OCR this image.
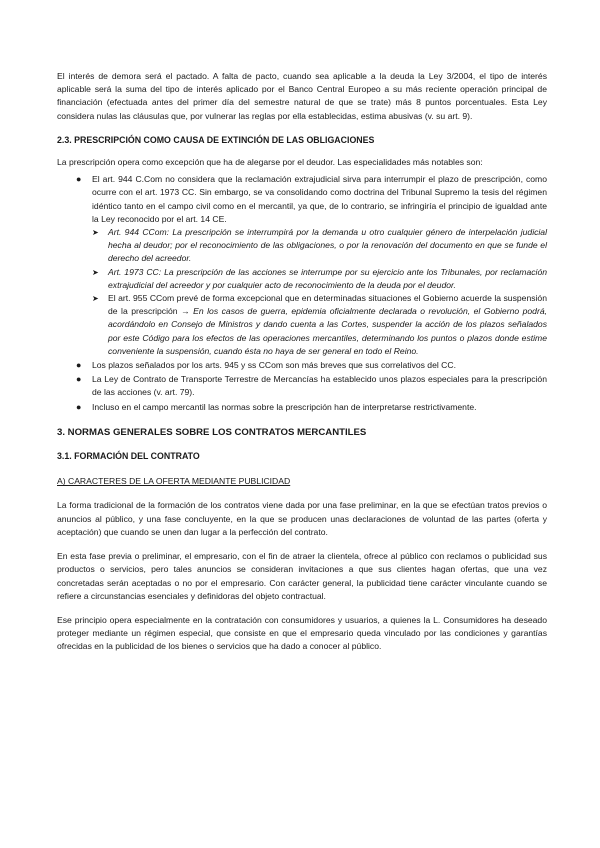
El interés de demora será el pactado. A falta de pacto, cuando sea aplicable a la deuda la Ley 3/2004, el tipo de interés aplicable será la suma del tipo de interés aplicado por el Banco Central Europeo a su más reciente operación principal de financiación (efectuada antes del primer día del semestre natural de que se trate) más 8 puntos porcentuales. Esta Ley considera nulas las cláusulas que, por vulnerar las reglas por ella establecidas, estima abusivas (v. su art. 9).

2.3. PRESCRIPCIÓN COMO CAUSA DE EXTINCIÓN DE LAS OBLIGACIONES

La prescripción opera como excepción que ha de alegarse por el deudor. Las especialidades más notables son:

● El art. 944 C.Com no considera que la reclamación extrajudicial sirva para interrumpir el plazo de prescripción, como ocurre con el art. 1973 CC. Sin embargo, se va consolidando como doctrina del Tribunal Supremo la tesis del régimen idéntico tanto en el campo civil como en el mercantil, ya que, de lo contrario, se infringiría el principio de igualdad ante la Ley reconocido por el art. 14 CE.
➤ Art. 944 CCom: La prescripción se interrumpirá por la demanda u otro cualquier género de interpelación judicial hecha al deudor; por el reconocimiento de las obligaciones, o por la renovación del documento en que se funde el derecho del acreedor.
➤ Art. 1973 CC: La prescripción de las acciones se interrumpe por su ejercicio ante los Tribunales, por reclamación extrajudicial del acreedor y por cualquier acto de reconocimiento de la deuda por el deudor.
➤ El art. 955 CCom prevé de forma excepcional que en determinadas situaciones el Gobierno acuerde la suspensión de la prescripción → En los casos de guerra, epidemia oficialmente declarada o revolución, el Gobierno podrá, acordándolo en Consejo de Ministros y dando cuenta a las Cortes, suspender la acción de los plazos señalados por este Código para los efectos de las operaciones mercantiles, determinando los puntos o plazos donde estime conveniente la suspensión, cuando ésta no haya de ser general en todo el Reino.
● Los plazos señalados por los arts. 945 y ss CCom son más breves que sus correlativos del CC.
● La Ley de Contrato de Transporte Terrestre de Mercancías ha establecido unos plazos especiales para la prescripción de las acciones (v. art. 79).
● Incluso en el campo mercantil las normas sobre la prescripción han de interpretarse restrictivamente.

3. NORMAS GENERALES SOBRE LOS CONTRATOS MERCANTILES

3.1. FORMACIÓN DEL CONTRATO

A) CARACTERES DE LA OFERTA MEDIANTE PUBLICIDAD

La forma tradicional de la formación de los contratos viene dada por una fase preliminar, en la que se efectúan tratos previos o anuncios al público, y una fase concluyente, en la que se producen unas declaraciones de voluntad de las partes (oferta y aceptación) que cuando se unen dan lugar a la perfección del contrato.

En esta fase previa o preliminar, el empresario, con el fin de atraer la clientela, ofrece al público con reclamos o publicidad sus productos o servicios, pero tales anuncios se consideran invitaciones a que sus clientes hagan ofertas, que una vez concretadas serán aceptadas o no por el empresario. Con carácter general, la publicidad tiene carácter vinculante cuando se refiere a circunstancias esenciales y definidoras del objeto contractual.

Ese principio opera especialmente en la contratación con consumidores y usuarios, a quienes la L. Consumidores ha deseado proteger mediante un régimen especial, que consiste en que el empresario queda vinculado por las condiciones y garantías ofrecidas en la publicidad de los bienes o servicios que ha dado a conocer al público.
